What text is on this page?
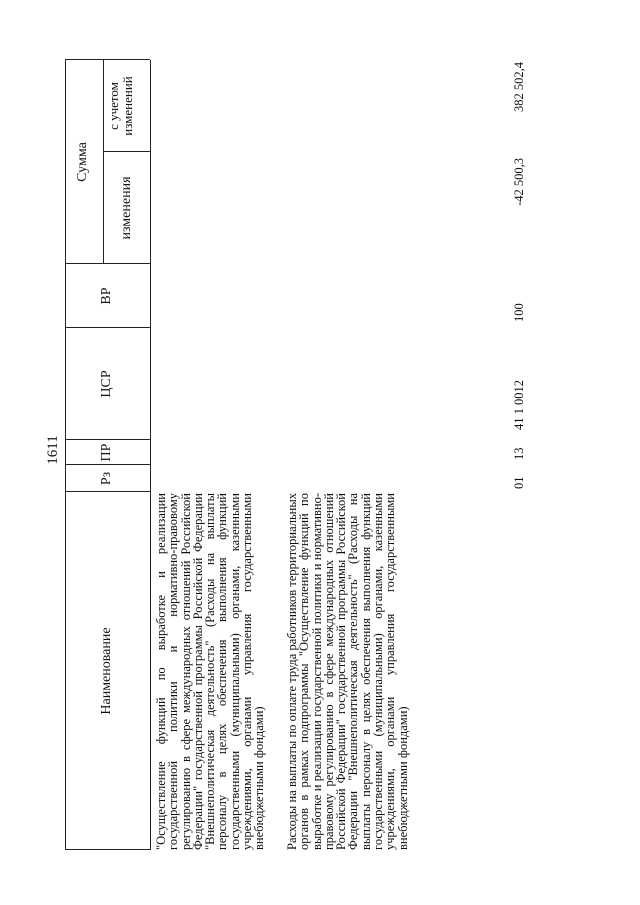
1611
Наименование
Рз
ПР
ЦСР
ВР
Сумма
изменения
с учетом изменений
"Осуществление функций по выработке и реализации государственной политики и нормативно-правовому регулированию в сфере международных отношений Российской Федерации" государственной программы Российской Федерации "Внешнеполитическая деятельность" (Расходы на выплаты персоналу в целях обеспечения выполнения функций государственными (муниципальными) органами, казенными учреждениями, органами управления государственными внебюджетными фондами) Расходы на выплаты по оплате труда работников территориальных органов в рамках подпрограммы "Осуществление функций по выработке и реализации государственной политики и нормативно-правовому регулированию в сфере международных отношений Российской Федерации" государственной программы Российской Федерации "Внешнеполитическая деятельность" (Расходы на выплаты персоналу в целях обеспечения выполнения функций государственными (муниципальными) органами, казенными учреждениями, органами управления государственными внебюджетными фондами)
01
13
41 1 0012
100
-42 500,3
382 502,4
